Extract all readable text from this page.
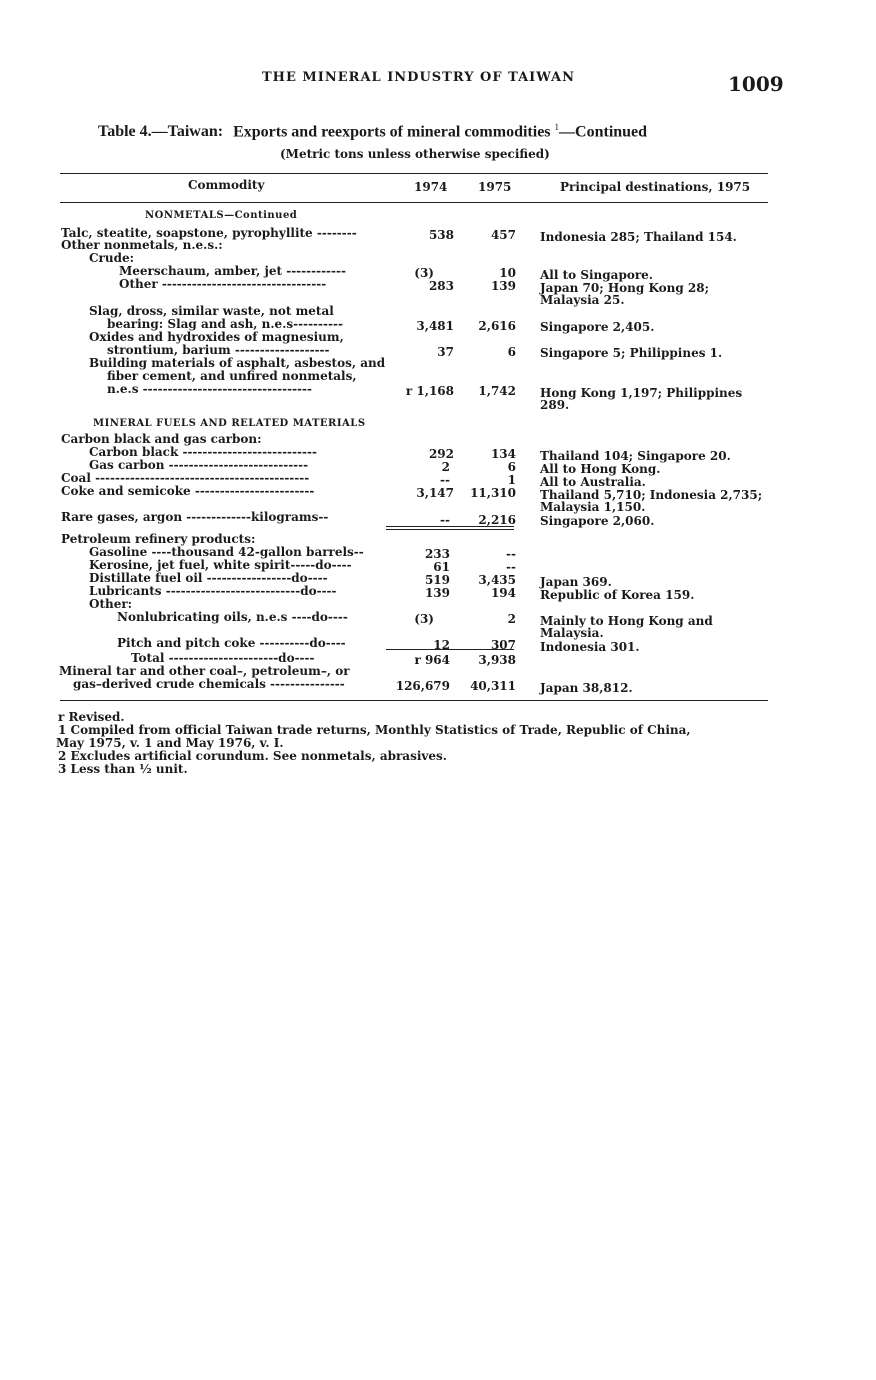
THE MINERAL INDUSTRY OF TAIWAN	1009
Table 4.—Taiwan: Exports and reexports of mineral commodities $^1$—Continued
(Metric tons unless otherwise specified)
Commodity	1974	1975	Principal destinations, 1975
NONMETALS—Continued
Talc, steatite, soapstone, pyrophyllite --------	538	457 Indonesia 285; Thailand 154.
Other nonmetals, n.e.s.:
Crude:
Meerschaum, amber, jet ------------	(3)	10 All to Singapore.
Other ---------------------------------	283	139 Japan 70; Hong Kong 28; Malaysia 25.
Slag, dross, similar waste, not metal
bearing: Slag and ash, n.e.s----------	3,481	2,616 Singapore 2,405.
Oxides and hydroxides of magnesium,
strontium, barium -------------------	37	6 Singapore 5; Philippines 1.
Building materials of asphalt, asbestos, and
fiber cement, and unfired nonmetals,
n.e.s ----------------------------------	r 1,168	1,742 Hong Kong 1,197; Philippines 289.
MINERAL FUELS AND RELATED MATERIALS
Carbon black and gas carbon:
Carbon black ---------------------------	292	134 Thailand 104; Singapore 20.
Gas carbon ----------------------------	2	6 All to Hong Kong.
Coal -------------------------------------------	--	1 All to Australia.
Coke and semicoke ------------------------	3,147	11,310 Thailand 5,710; Indonesia 2,735; Malaysia 1,150.
Rare gases, argon -------------kilograms--	--	2,216 Singapore 2,060.
Petroleum refinery products:
Gasoline ----thousand 42-gallon barrels--	233	--
Kerosine, jet fuel, white spirit-----do----	61	--
Distillate fuel oil -----------------do----	519	3,435 Japan 369.
Lubricants ---------------------------do----	139	194 Republic of Korea 159.
Other:
Nonlubricating oils, n.e.s ----do----	(3)	2 Mainly to Hong Kong and Malaysia.
Pitch and pitch coke ----------do----	12	307 Indonesia 301.
Total ----------------------do----	r 964	3,938
Mineral tar and other coal–, petroleum–, or
gas–derived crude chemicals ---------------	126,679	40,311 Japan 38,812.
r Revised.
1 Compiled from official Taiwan trade returns, Monthly Statistics of Trade, Republic of China,
May 1975, v. 1 and May 1976, v. I.
2 Excludes artificial corundum. See nonmetals, abrasives.
3 Less than ½ unit.
